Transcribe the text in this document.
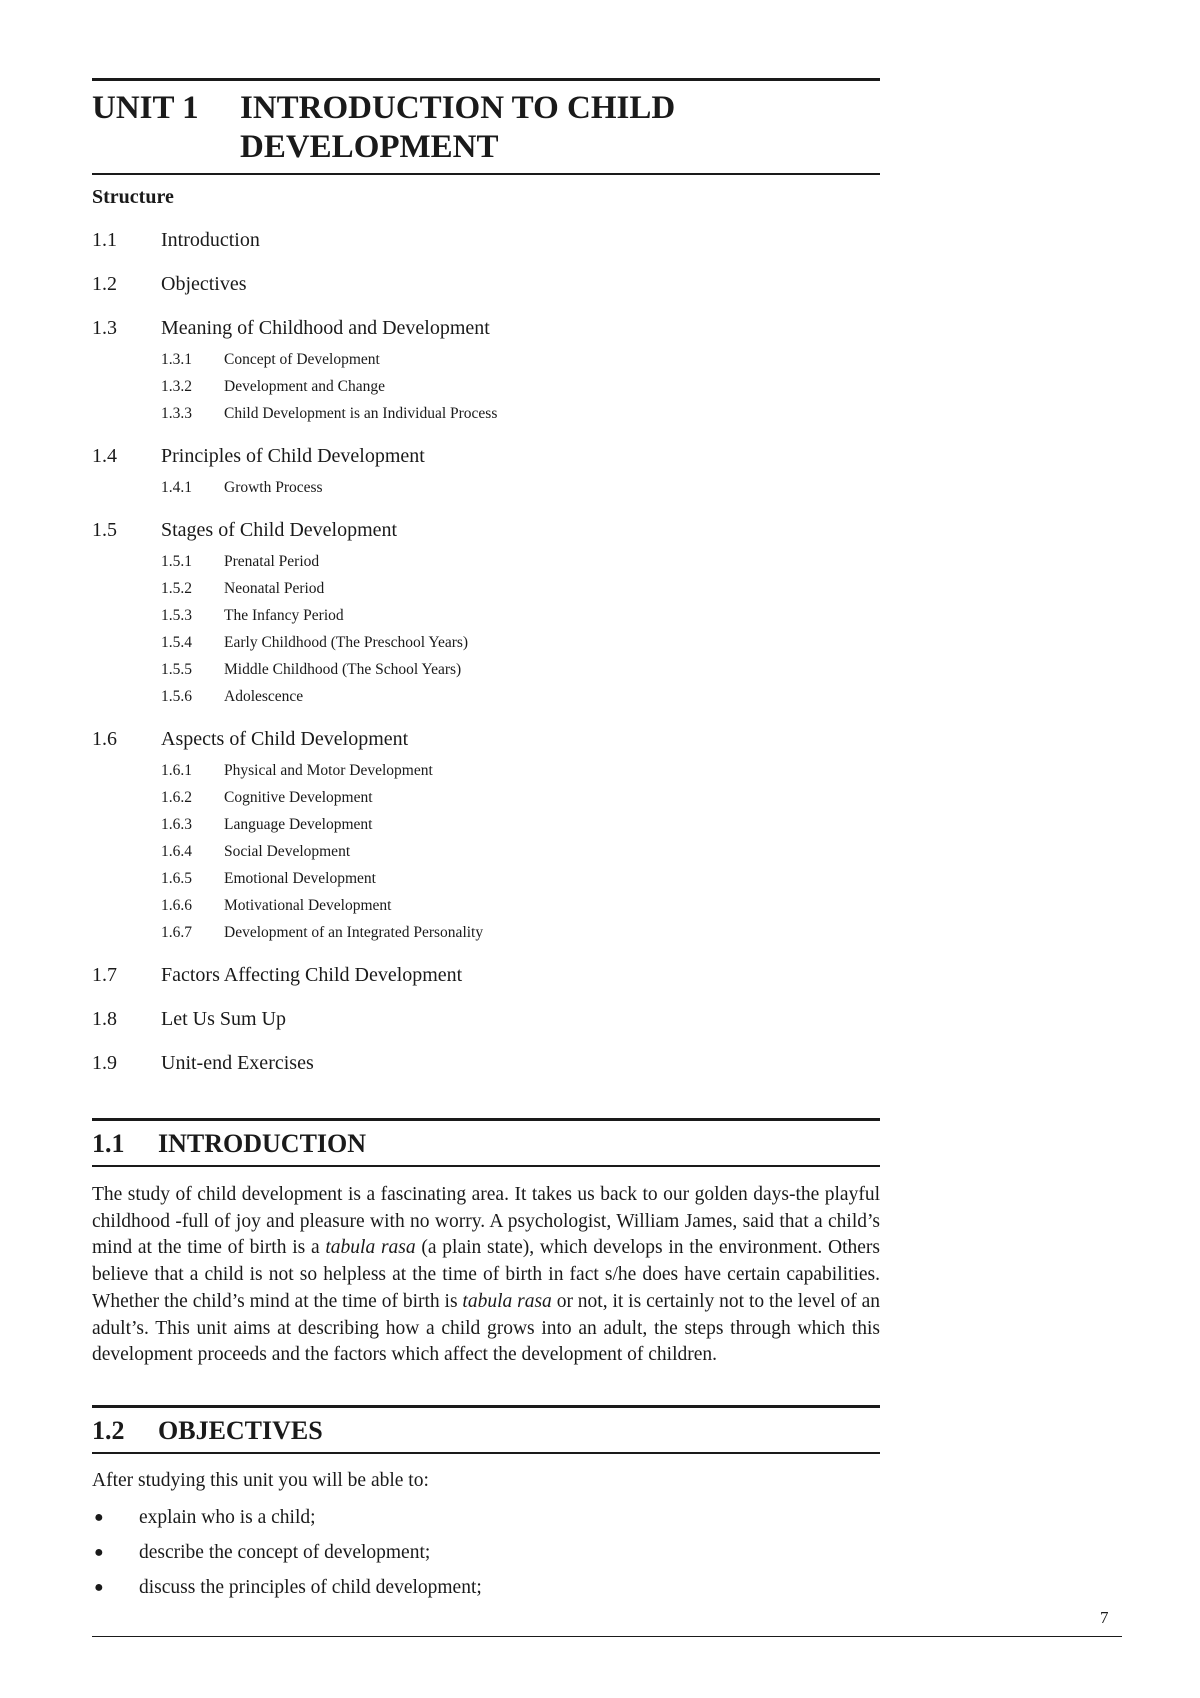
UNIT 1	INTRODUCTION TO CHILD
DEVELOPMENT
Structure
1.1	Introduction
1.2	Objectives
1.3	Meaning of Childhood and Development
1.3.1	Concept of Development
1.3.2	Development and Change
1.3.3	Child Development is an Individual Process
1.4	Principles of Child Development
1.4.1	Growth Process
1.5	Stages of Child Development
1.5.1	Prenatal Period
1.5.2	Neonatal Period
1.5.3	The Infancy Period
1.5.4	Early Childhood (The Preschool Years)
1.5.5	Middle Childhood (The School Years)
1.5.6	Adolescence
1.6	Aspects of Child Development
1.6.1	Physical and Motor Development
1.6.2	Cognitive Development
1.6.3	Language Development
1.6.4	Social Development
1.6.5	Emotional Development
1.6.6	Motivational Development
1.6.7	Development of an Integrated Personality
1.7	Factors Affecting Child Development
1.8	Let Us Sum Up
1.9	Unit-end Exercises
1.1	INTRODUCTION
The study of child development is a fascinating area. It takes us back to our golden days-the playful childhood -full of joy and pleasure with no worry. A psychologist, William James, said that a child’s mind at the time of birth is a tabula rasa (a plain state), which develops in the environment. Others believe that a child is not so helpless at the time of birth in fact s/he does have certain capabilities. Whether the child’s mind at the time of birth is tabula rasa or not, it is certainly not to the level of an adult’s. This unit aims at describing how a child grows into an adult, the steps through which this development proceeds and the factors which affect the development of children.
1.2	OBJECTIVES
After studying this unit you will be able to:
●	explain who is a child;
●	describe the concept of development;
●	discuss the principles of child development;
7
